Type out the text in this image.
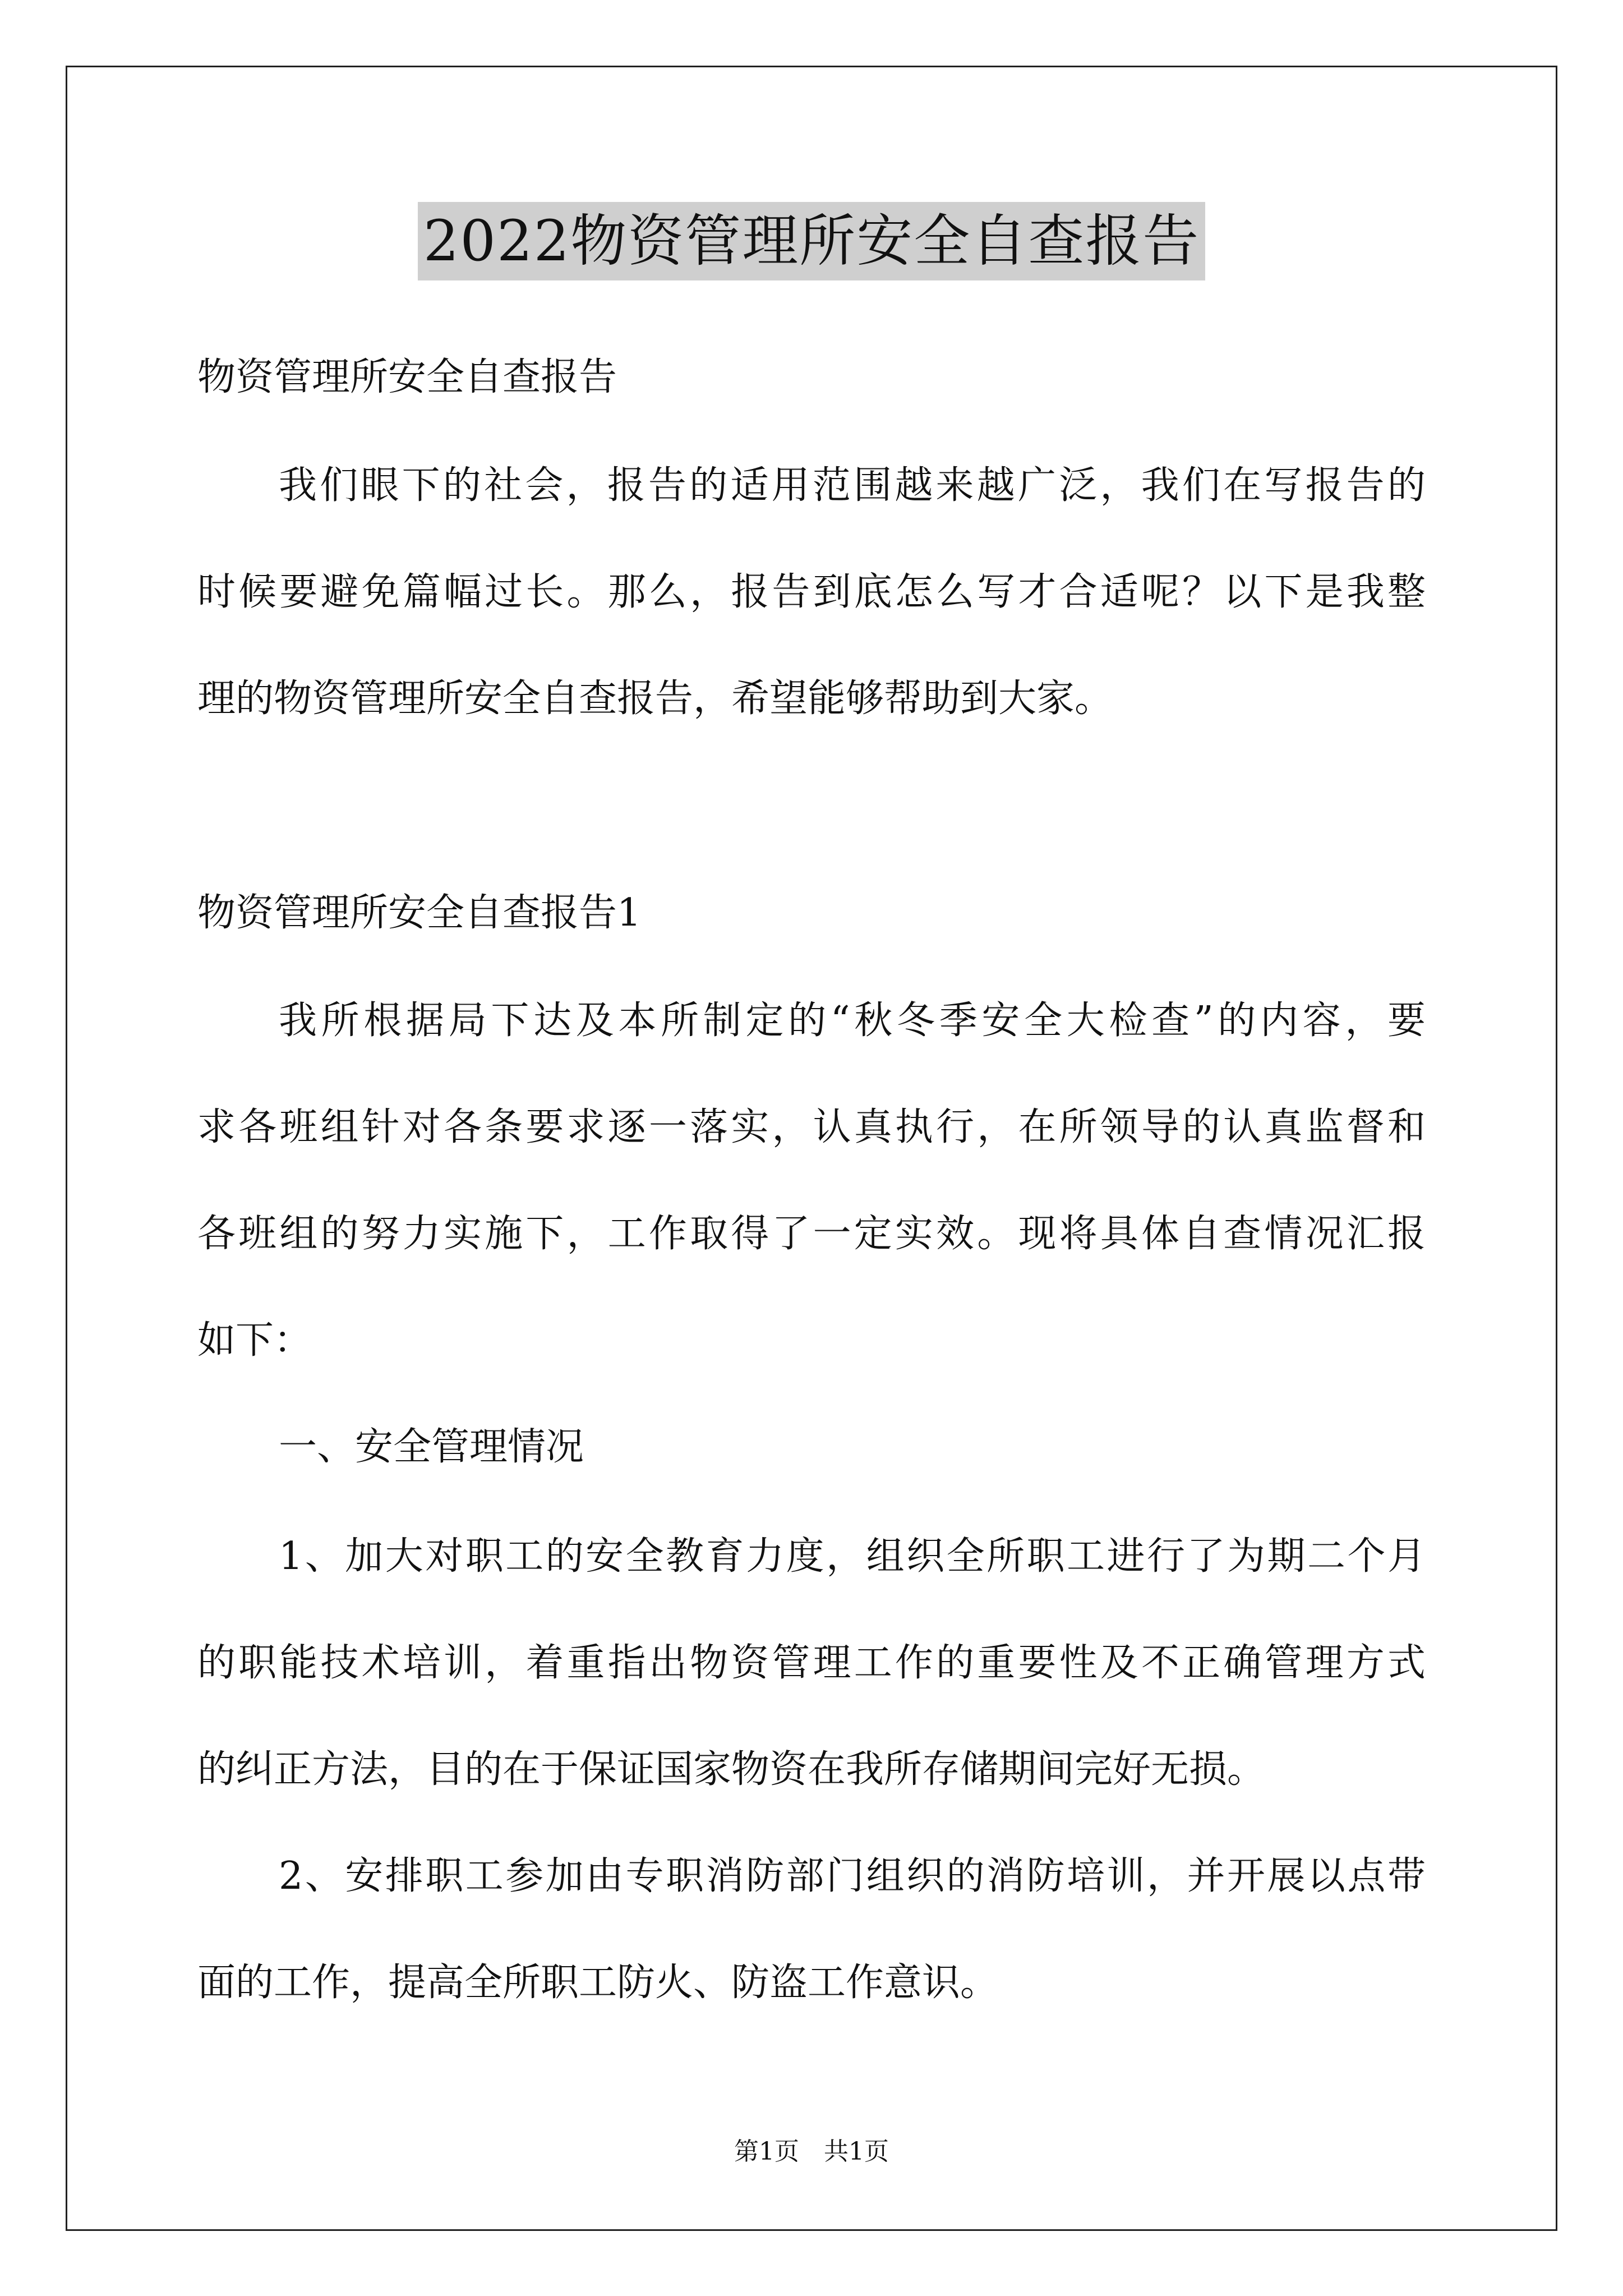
2022物资管理所安全自查报告
物资管理所安全自查报告
我们眼下的社会，报告的适用范围越来越广泛，我们在写报告的
时候要避免篇幅过长。那么，报告到底怎么写才合适呢？以下是我整
理的物资管理所安全自查报告，希望能够帮助到大家。
物资管理所安全自查报告1
我所根据局下达及本所制定的“秋冬季安全大检查”的内容，要
求各班组针对各条要求逐一落实，认真执行，在所领导的认真监督和
各班组的努力实施下，工作取得了一定实效。现将具体自查情况汇报
如下：
一、安全管理情况
1、加大对职工的安全教育力度，组织全所职工进行了为期二个月
的职能技术培训，着重指出物资管理工作的重要性及不正确管理方式
的纠正方法，目的在于保证国家物资在我所存储期间完好无损。
2、安排职工参加由专职消防部门组织的消防培训，并开展以点带
面的工作，提高全所职工防火、防盗工作意识。
第1页　共1页
